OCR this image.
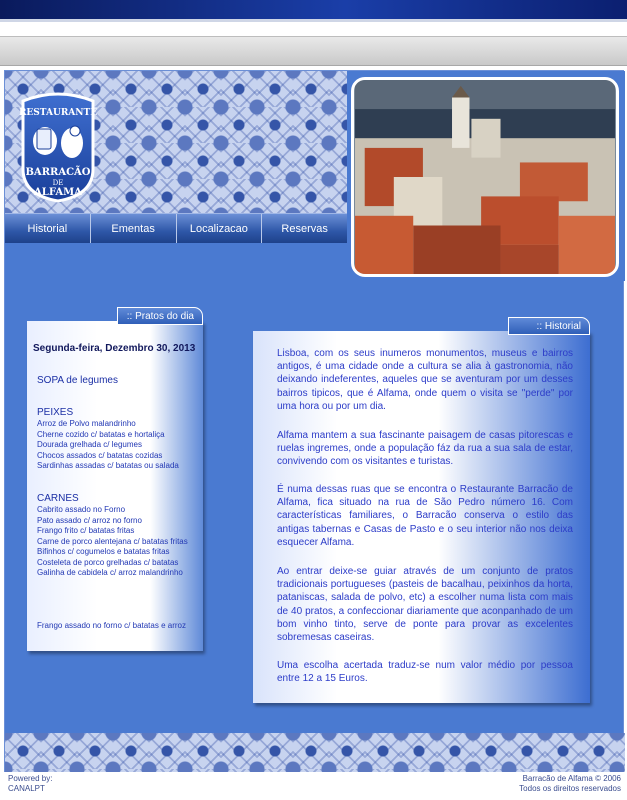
RESTAURANTE
BARRACÃO
DE
ALFAMA
Historial	Ementas	Localizacao	Reservas
:: Pratos do dia
Segunda-feira, Dezembro 30, 2013
SOPA de legumes
PEIXES
Arroz de Polvo malandrinho
Cherne cozido c/ batatas e hortaliça
Dourada grelhada c/ legumes
Chocos assados c/ batatas cozidas
Sardinhas assadas c/ batatas ou salada
CARNES
Cabrito assado no Forno
Pato assado c/ arroz no forno
Frango frito c/ batatas fritas
Carne de porco alentejana c/ batatas fritas
Bifinhos c/ cogumelos e batatas fritas
Costeleta de porco grelhadas c/ batatas
Galinha de cabidela c/ arroz malandrinho
Frango assado no forno c/ batatas e arroz
:: Historial
Lisboa, com os seus inumeros monumentos, museus e bairros antigos, é uma cidade onde a cultura se alia à gastronomia, não deixando indeferentes, aqueles que se aventuram por um desses bairros tipicos, que é Alfama, onde quem o visita se "perde" por uma hora ou por um dia.
Alfama mantem a sua fascinante paisagem de casas pitorescas e ruelas ingremes, onde a população fáz da rua a sua sala de estar, convivendo com os visitantes e turistas.
É numa dessas ruas que se encontra o Restaurante Barracão de Alfama, fica situado na rua de São Pedro número 16. Com características familiares, o Barracão conserva o estilo das antigas tabernas e Casas de Pasto e o seu interior não nos deixa esquecer Alfama.
Ao entrar deixe-se guiar através de um conjunto de pratos tradicionais portugueses (pasteis de bacalhau, peixinhos da horta, pataniscas, salada de polvo, etc) a escolher numa lista com mais de 40 pratos, a confeccionar diariamente que aconpanhado de um bom vinho tinto, serve de ponte para provar as excelentes sobremesas caseiras.
Uma escolha acertada traduz-se num valor médio por pessoa entre 12 a 15 Euros.
Powered by:
CANALPT
Barracão de Alfama © 2006
Todos os direitos reservados
